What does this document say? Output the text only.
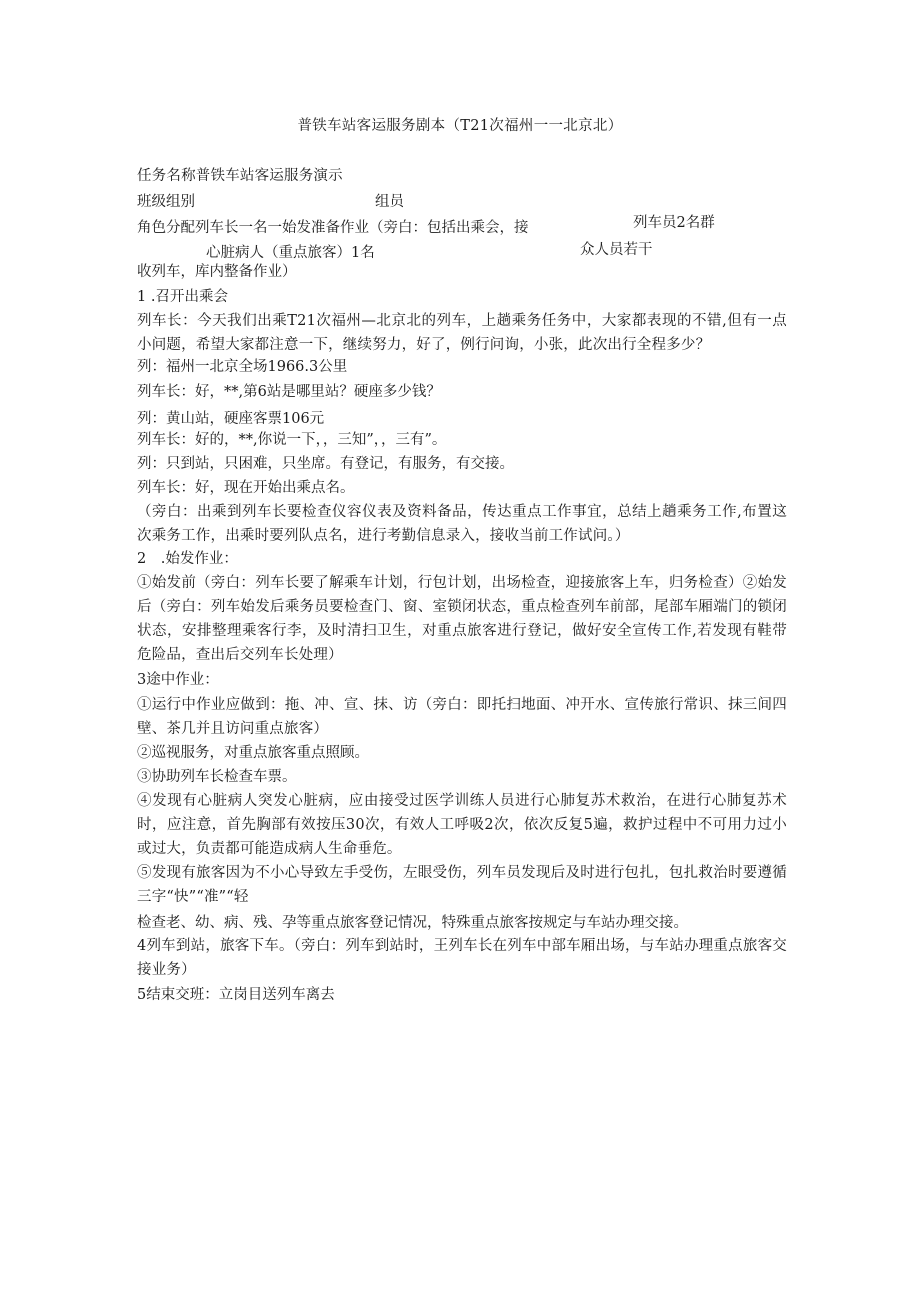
普铁车站客运服务剧本（T21次福州一一北京北）
任务名称普铁车站客运服务演示
班级组别	组员
角色分配列车长一名一始发准备作业（旁白：包括出乘会，接	列车员2名群
心脏病人（重点旅客）1名	众人员若干
收列车，库内整备作业）
1 .召开出乘会
列车长：今天我们出乘T21次福州—北京北的列车，上趟乘务任务中，大家都表现的不错,但有一点小问题，希望大家都注意一下，继续努力，好了，例行问询，小张，此次出行全程多少？
列：福州一北京全场1966.3公里
列车长：好，**,第6站是哪里站？硬座多少钱？
列：黄山站，硬座客票106元
列车长：好的，**,你说一下，，三知”，，三有”。
列：只到站，只困难，只坐席。有登记，有服务，有交接。
列车长：好，现在开始出乘点名。
（旁白：出乘到列车长要检查仪容仪表及资料备品，传达重点工作事宜，总结上趟乘务工作,布置这次乘务工作，出乘时要列队点名，进行考勤信息录入，接收当前工作试问。）
2　.始发作业：
①始发前（旁白：列车长要了解乘车计划，行包计划，出场检查，迎接旅客上车，归务检查）②始发后（旁白：列车始发后乘务员要检查门、窗、室锁闭状态，重点检查列车前部，尾部车厢端门的锁闭状态，安排整理乘客行李，及时清扫卫生，对重点旅客进行登记，做好安全宣传工作,若发现有鞋带危险品，查出后交列车长处理）
3途中作业：
①运行中作业应做到：拖、冲、宣、抹、访（旁白：即托扫地面、冲开水、宣传旅行常识、抹三间四壁、茶几并且访问重点旅客）
②巡视服务，对重点旅客重点照顾。
③协助列车长检查车票。
④发现有心脏病人突发心脏病，应由接受过医学训练人员进行心肺复苏术救治，在进行心肺复苏术时，应注意，首先胸部有效按压30次，有效人工呼吸2次，依次反复5遍，救护过程中不可用力过小或过大，负责都可能造成病人生命垂危。
⑤发现有旅客因为不小心导致左手受伤，左眼受伤，列车员发现后及时进行包扎，包扎救治时要遵循三字“快”“准”“轻
检查老、幼、病、残、孕等重点旅客登记情况，特殊重点旅客按规定与车站办理交接。
4列车到站，旅客下车。（旁白：列车到站时，王列车长在列车中部车厢出场，与车站办理重点旅客交接业务）
5结束交班：立岗目送列车离去
